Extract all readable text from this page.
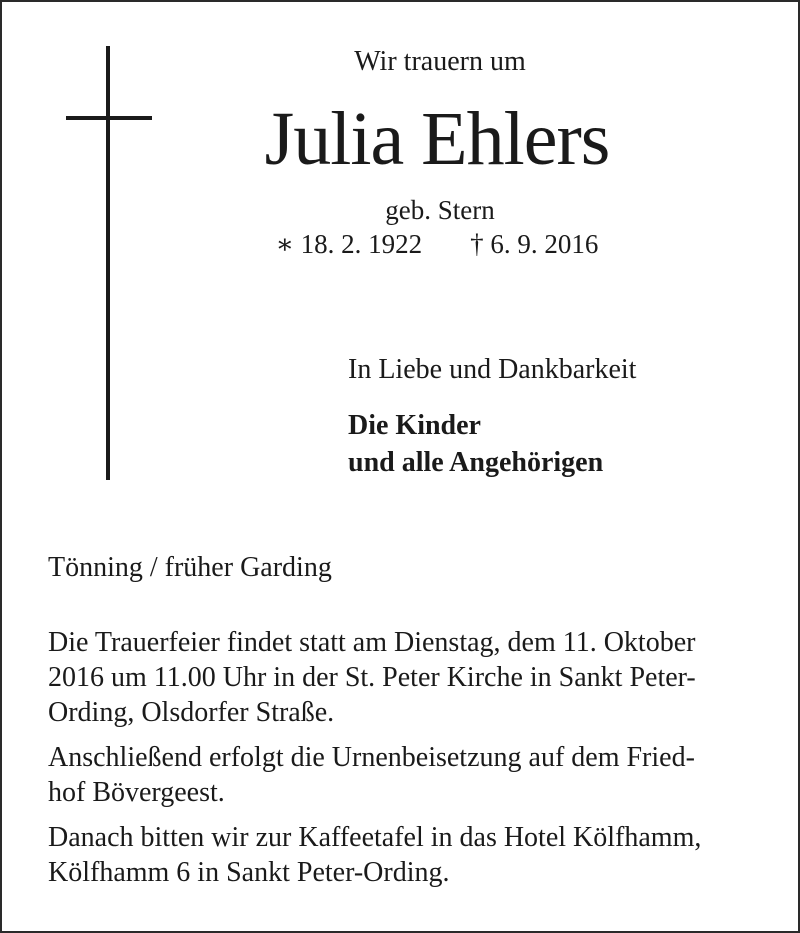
Wir trauern um
Julia Ehlers
geb. Stern
∗ 18. 2. 1922 † 6. 9. 2016
In Liebe und Dankbarkeit
Die Kinder
und alle Angehörigen
Tönning / früher Garding

Die Trauerfeier findet statt am Dienstag, dem 11. Oktober
2016 um 11.00 Uhr in der St. Peter Kirche in Sankt Peter-
Ording, Olsdorfer Straße.

Anschließend erfolgt die Urnenbeisetzung auf dem Fried-
hof Bövergeest.

Danach bitten wir zur Kaffeetafel in das Hotel Kölfhamm,
Kölfhamm 6 in Sankt Peter-Ording.
